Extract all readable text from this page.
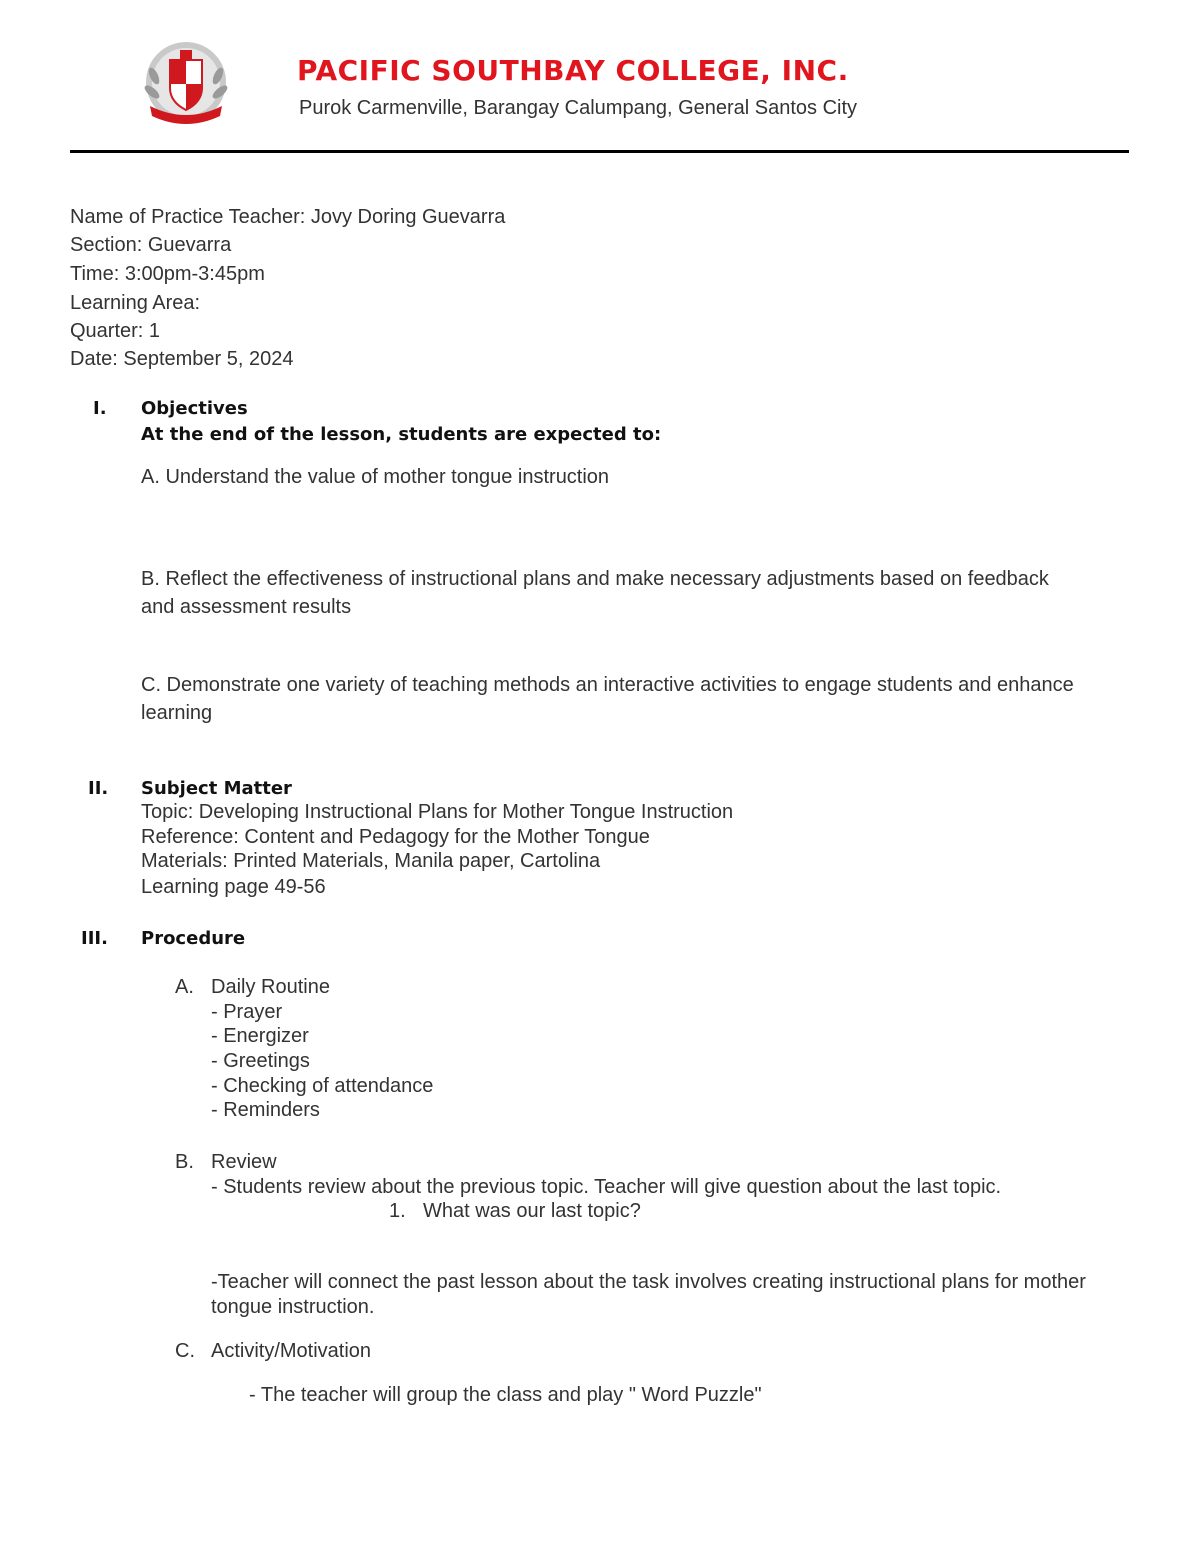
PACIFIC SOUTHBAY COLLEGE, INC.
Purok Carmenville, Barangay Calumpang, General Santos City
Name of Practice Teacher: Jovy Doring Guevarra
Section: Guevarra
Time: 3:00pm-3:45pm
Learning Area:
Quarter: 1
Date: September 5, 2024
I. Objectives
At the end of the lesson, students are expected to:
A. Understand the value of mother tongue instruction
B. Reflect the effectiveness of instructional plans and make necessary adjustments based on feedback and assessment results
C. Demonstrate one variety of teaching methods an interactive activities to engage students and enhance learning
II. Subject Matter
Topic: Developing Instructional Plans for Mother Tongue Instruction
Reference: Content and Pedagogy for the Mother Tongue
Materials: Printed Materials, Manila paper, Cartolina
Learning page 49-56
III. Procedure
A. Daily Routine
- Prayer
- Energizer
- Greetings
- Checking of attendance
- Reminders
B. Review
- Students review about the previous topic. Teacher will give question about the last topic.
1. What was our last topic?
-Teacher will connect the past lesson about the task involves creating instructional plans for mother tongue instruction.
C. Activity/Motivation
- The teacher will group the class and play " Word Puzzle"
